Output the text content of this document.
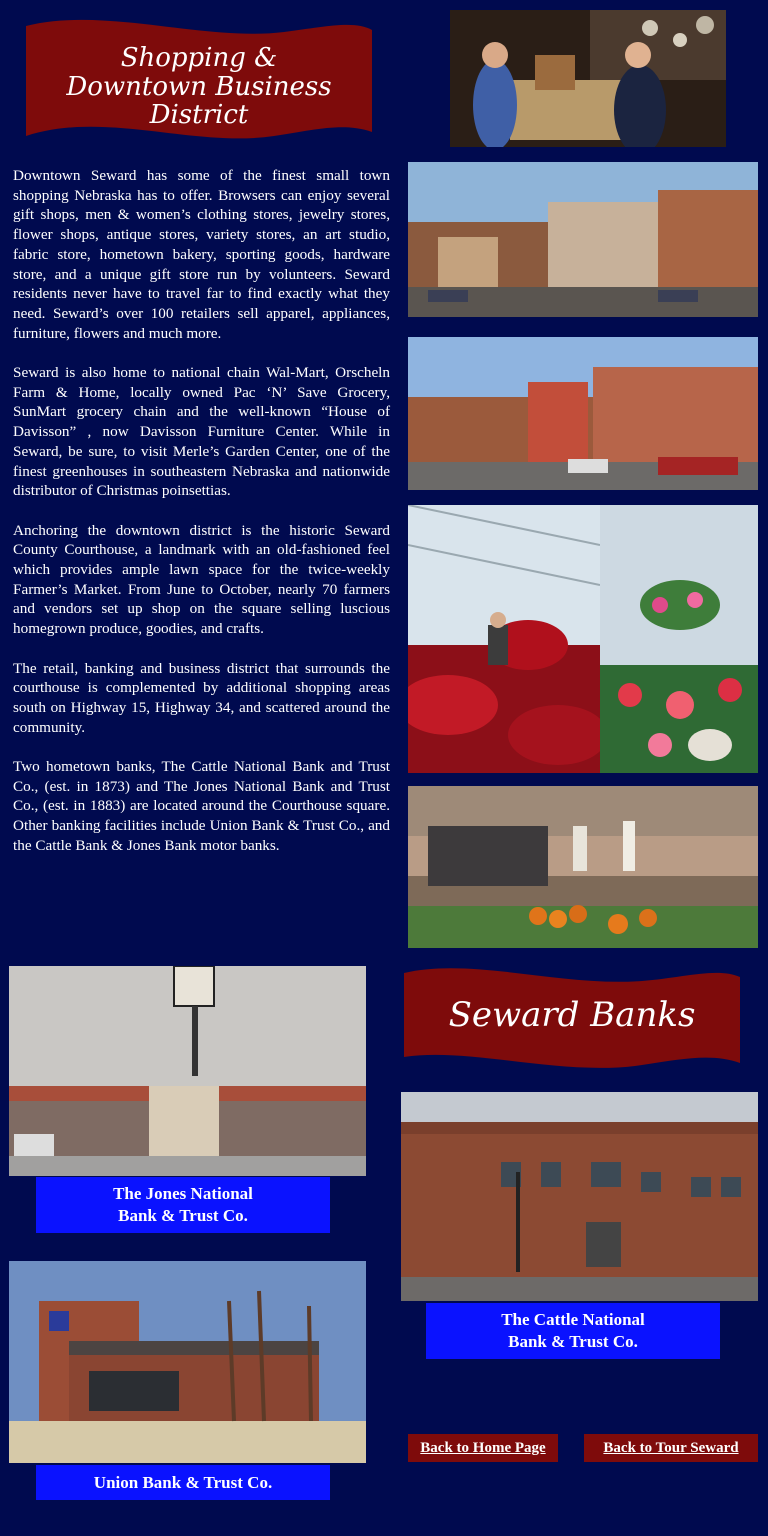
Shopping &
Downtown Business District

Downtown Seward has some of the finest small town shopping Nebraska has to offer. Browsers can enjoy several gift shops, men & women’s clothing stores, jewelry stores, flower shops, antique stores, variety stores, an art studio, fabric store, hometown bakery, sporting goods, hardware store, and a unique gift store run by volunteers. Seward residents never have to travel far to find exactly what they need. Seward’s over 100 retailers sell apparel, appliances, furniture, flowers and much more.

Seward is also home to national chain Wal-Mart, Orscheln Farm & Home, locally owned Pac ‘N’ Save Grocery, SunMart grocery chain and the well-known “House of Davisson” , now Davisson Furniture Center. While in Seward, be sure, to visit Merle’s Garden Center, one of the finest greenhouses in southeastern Nebraska and nationwide distributor of Christmas poinsettias.

Anchoring the downtown district is the historic Seward County Courthouse, a landmark with an old-fashioned feel which provides ample lawn space for the twice-weekly Farmer’s Market. From June to October, nearly 70 farmers and vendors set up shop on the square selling luscious homegrown produce, goodies, and crafts.

The retail, banking and business district that surrounds the courthouse is complemented by additional shopping areas south on Highway 15, Highway 34, and scattered around the community.

Two hometown banks, The Cattle National Bank and Trust Co., (est. in 1873) and The Jones National Bank and Trust Co., (est. in 1883) are located around the Courthouse square. Other banking facilities include Union Bank & Trust Co., and the Cattle Bank & Jones Bank motor banks.

The Jones National
Bank & Trust Co.
Seward Banks
The Cattle National
Bank & Trust Co.
Union Bank & Trust Co.
Back to Home Page	Back to Tour Seward
